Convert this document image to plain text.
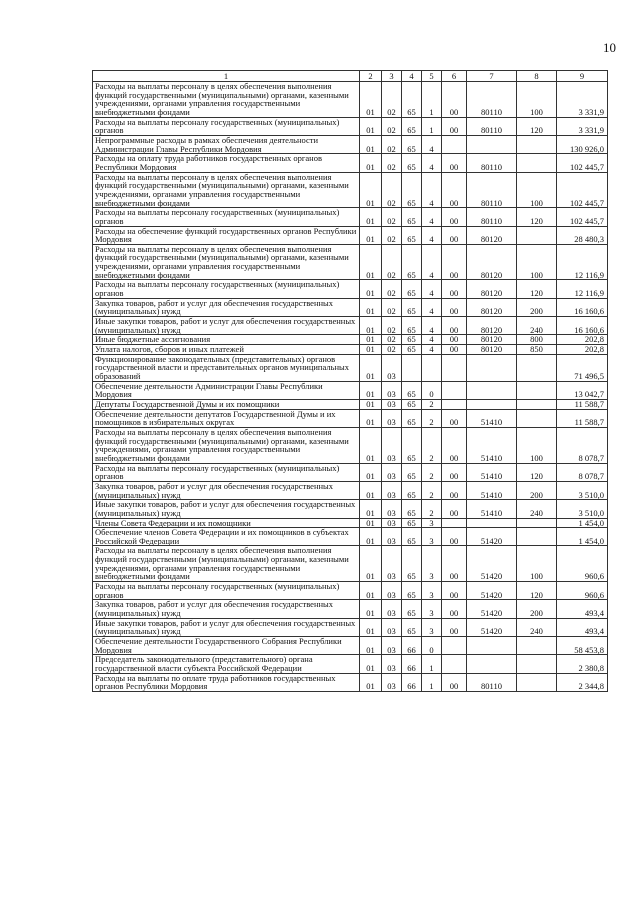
10
1	2	3	4	5	6	7	8	9
Расходы на выплаты персоналу в целях обеспечения выполнения функций государственными (муниципальными) органами, казенными учреждениями, органами управления государственными внебюджетными фондами	01	02	65	1	00	80110	100	3 331,9
Расходы на выплаты персоналу государственных (муниципальных) органов	01	02	65	1	00	80110	120	3 331,9
Непрограммные расходы в рамках обеспечения деятельности Администрации Главы Республики Мордовия	01	02	65	4				130 926,0
Расходы на оплату труда работников государственных органов Республики Мордовия	01	02	65	4	00	80110		102 445,7
Расходы на выплаты персоналу в целях обеспечения выполнения функций государственными (муниципальными) органами, казенными учреждениями, органами управления государственными внебюджетными фондами	01	02	65	4	00	80110	100	102 445,7
Расходы на выплаты персоналу государственных (муниципальных) органов	01	02	65	4	00	80110	120	102 445,7
Расходы на обеспечение функций государственных органов Республики Мордовия	01	02	65	4	00	80120		28 480,3
Расходы на выплаты персоналу в целях обеспечения выполнения функций государственными (муниципальными) органами, казенными учреждениями, органами управления государственными внебюджетными фондами	01	02	65	4	00	80120	100	12 116,9
Расходы на выплаты персоналу государственных (муниципальных) органов	01	02	65	4	00	80120	120	12 116,9
Закупка товаров, работ и услуг для обеспечения государственных (муниципальных) нужд	01	02	65	4	00	80120	200	16 160,6
Иные закупки товаров, работ и услуг для обеспечения государственных (муниципальных) нужд	01	02	65	4	00	80120	240	16 160,6
Иные бюджетные ассигнования	01	02	65	4	00	80120	800	202,8
Уплата налогов, сборов и иных платежей	01	02	65	4	00	80120	850	202,8
Функционирование законодательных (представительных) органов государственной власти и представительных органов муниципальных образований	01	03						71 496,5
Обеспечение деятельности Администрации Главы Республики Мордовия	01	03	65	0				13 042,7
Депутаты Государственной Думы и их помощники	01	03	65	2				11 588,7
Обеспечение деятельности депутатов Государственной Думы и их помощников в избирательных округах	01	03	65	2	00	51410		11 588,7
Расходы на выплаты персоналу в целях обеспечения выполнения функций государственными (муниципальными) органами, казенными учреждениями, органами управления государственными внебюджетными фондами	01	03	65	2	00	51410	100	8 078,7
Расходы на выплаты персоналу государственных (муниципальных) органов	01	03	65	2	00	51410	120	8 078,7
Закупка товаров, работ и услуг для обеспечения государственных (муниципальных) нужд	01	03	65	2	00	51410	200	3 510,0
Иные закупки товаров, работ и услуг для обеспечения государственных (муниципальных) нужд	01	03	65	2	00	51410	240	3 510,0
Члены Совета Федерации и их помощники	01	03	65	3				1 454,0
Обеспечение членов Совета Федерации и их помощников в субъектах Российской Федерации	01	03	65	3	00	51420		1 454,0
Расходы на выплаты персоналу в целях обеспечения выполнения функций государственными (муниципальными) органами, казенными учреждениями, органами управления государственными внебюджетными фондами	01	03	65	3	00	51420	100	960,6
Расходы на выплаты персоналу государственных (муниципальных) органов	01	03	65	3	00	51420	120	960,6
Закупка товаров, работ и услуг для обеспечения государственных (муниципальных) нужд	01	03	65	3	00	51420	200	493,4
Иные закупки товаров, работ и услуг для обеспечения государственных (муниципальных) нужд	01	03	65	3	00	51420	240	493,4
Обеспечение деятельности Государственного Собрания Республики Мордовия	01	03	66	0				58 453,8
Председатель законодательного (представительного) органа государственной власти субъекта Российской Федерации	01	03	66	1				2 380,8
Расходы на выплаты по оплате труда работников государственных органов Республики Мордовия	01	03	66	1	00	80110		2 344,8
